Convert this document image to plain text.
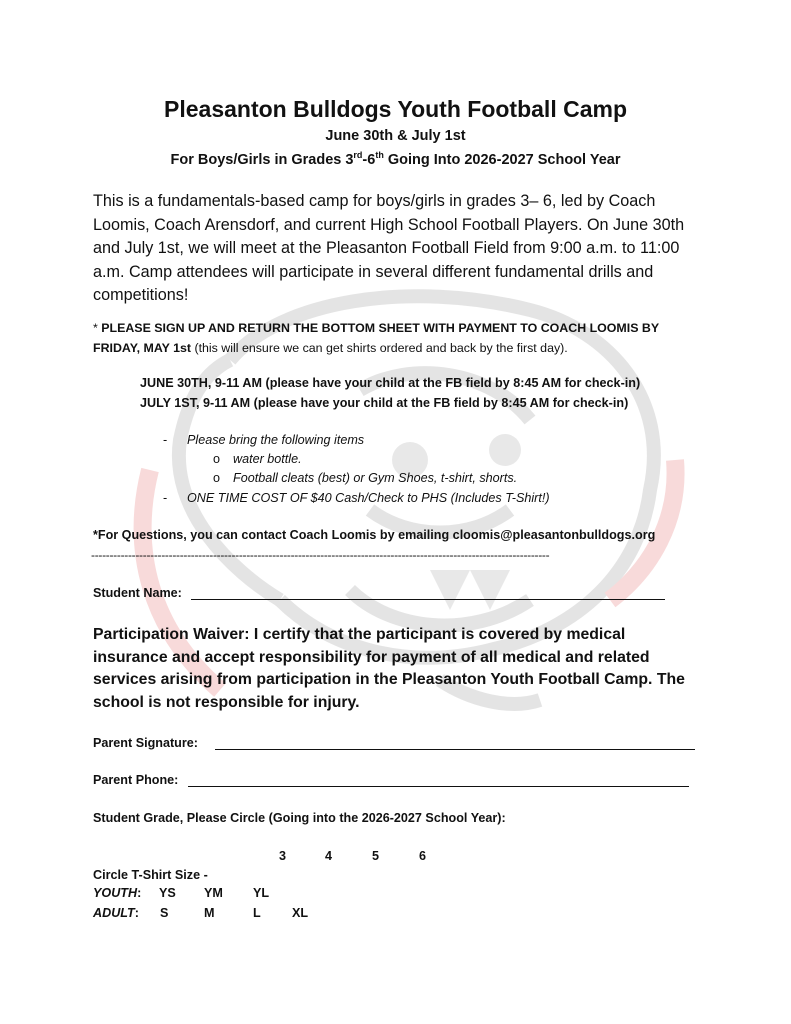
Pleasanton Bulldogs Youth Football Camp
June 30th & July 1st
For Boys/Girls in Grades 3rd-6th Going Into 2026-2027 School Year
This is a fundamentals-based camp for boys/girls in grades 3– 6, led by Coach Loomis, Coach Arensdorf, and current High School Football Players. On June 30th and July 1st, we will meet at the Pleasanton Football Field from 9:00 a.m. to 11:00 a.m. Camp attendees will participate in several different fundamental drills and competitions!
* PLEASE SIGN UP AND RETURN THE BOTTOM SHEET WITH PAYMENT TO COACH LOOMIS BY FRIDAY, MAY 1st (this will ensure we can get shirts ordered and back by the first day).
JUNE 30TH, 9-11 AM (please have your child at the FB field by 8:45 AM for check-in)
JULY 1ST, 9-11 AM (please have your child at the FB field by 8:45 AM for check-in)
- Please bring the following items
o water bottle.
o Football cleats (best) or Gym Shoes, t-shirt, shorts.
- ONE TIME COST OF $40 Cash/Check to PHS (Includes T-Shirt!)
*For Questions, you can contact Coach Loomis by emailing cloomis@pleasantonbulldogs.org
----------------------------------------------------------------------------------------------------------------------------
Student Name:
Participation Waiver: I certify that the participant is covered by medical insurance and accept responsibility for payment of all medical and related services arising from participation in the Pleasanton Youth Football Camp. The school is not responsible for injury.
Parent Signature:
Parent Phone:
Student Grade, Please Circle (Going into the 2026-2027 School Year):
3	4	5	6
Circle T-Shirt Size -
YOUTH: YS YM YL
ADULT: S	M	L XL
